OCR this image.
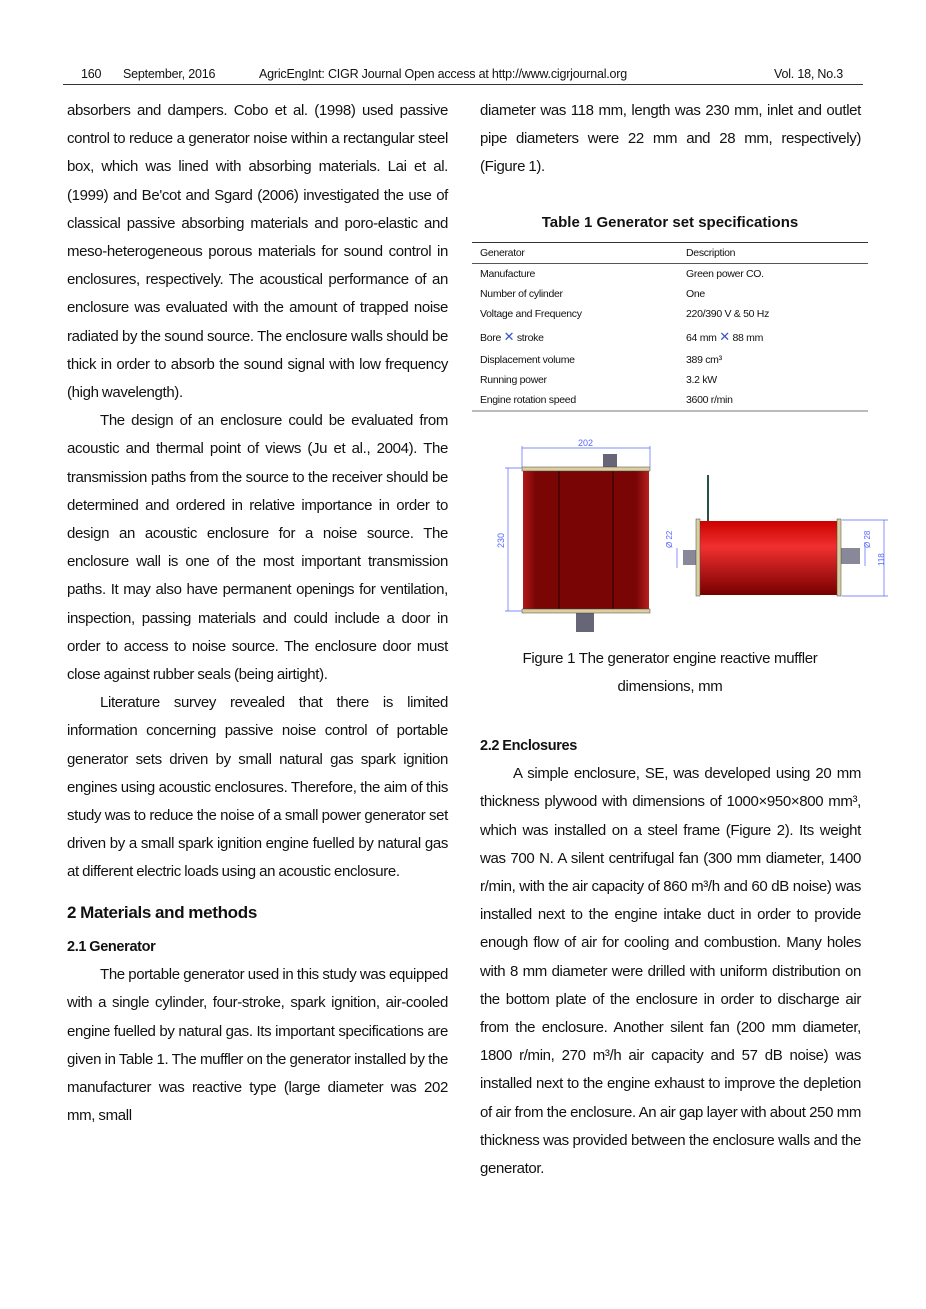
160 September, 2016	AgricEngInt: CIGR Journal Open access at http://www.cigrjournal.org	Vol. 18, No.3

absorbers and dampers. Cobo et al. (1998) used passive control to reduce a generator noise within a rectangular steel box, which was lined with absorbing materials. Lai et al. (1999) and Be'cot and Sgard (2006) investigated the use of classical passive absorbing materials and poro-elastic and meso-heterogeneous porous materials for sound control in enclosures, respectively. The acoustical performance of an enclosure was evaluated with the amount of trapped noise radiated by the sound source. The enclosure walls should be thick in order to absorb the sound signal with low frequency (high wavelength).

The design of an enclosure could be evaluated from acoustic and thermal point of views (Ju et al., 2004). The transmission paths from the source to the receiver should be determined and ordered in relative importance in order to design an acoustic enclosure for a noise source. The enclosure wall is one of the most important transmission paths. It may also have permanent openings for ventilation, inspection, passing materials and could include a door in order to access to noise source. The enclosure door must close against rubber seals (being airtight).

Literature survey revealed that there is limited information concerning passive noise control of portable generator sets driven by small natural gas spark ignition engines using acoustic enclosures. Therefore, the aim of this study was to reduce the noise of a small power generator set driven by a small spark ignition engine fuelled by natural gas at different electric loads using an acoustic enclosure.

2 Materials and methods
2.1 Generator

The portable generator used in this study was equipped with a single cylinder, four-stroke, spark ignition, air-cooled engine fuelled by natural gas. Its important specifications are given in Table 1. The muffler on the generator installed by the manufacturer was reactive type (large diameter was 202 mm, small

diameter was 118 mm, length was 230 mm, inlet and outlet pipe diameters were 22 mm and 28 mm, respectively) (Figure 1).

Table 1 Generator set specifications
Generator	Description
Manufacture	Green power CO.
Number of cylinder	One
Voltage and Frequency	220/390 V & 50 Hz
Bore ✕ stroke	64 mm ✕ 88 mm
Displacement volume	389 cm³
Running power	3.2 kW
Engine rotation speed	3600 r/min
202
230	Ø 22	Ø 28
118
Figure 1 The generator engine reactive muffler
dimensions, mm
2.2 Enclosures

A simple enclosure, SE, was developed using 20 mm thickness plywood with dimensions of 1000×950×800 mm³, which was installed on a steel frame (Figure 2). Its weight was 700 N. A silent centrifugal fan (300 mm diameter, 1400 r/min, with the air capacity of 860 m³/h and 60 dB noise) was installed next to the engine intake duct in order to provide enough flow of air for cooling and combustion. Many holes with 8 mm diameter were drilled with uniform distribution on the bottom plate of the enclosure in order to discharge air from the enclosure. Another silent fan (200 mm diameter, 1800 r/min, 270 m³/h air capacity and 57 dB noise) was installed next to the engine exhaust to improve the depletion of air from the enclosure. An air gap layer with about 250 mm thickness was provided between the enclosure walls and the generator.
